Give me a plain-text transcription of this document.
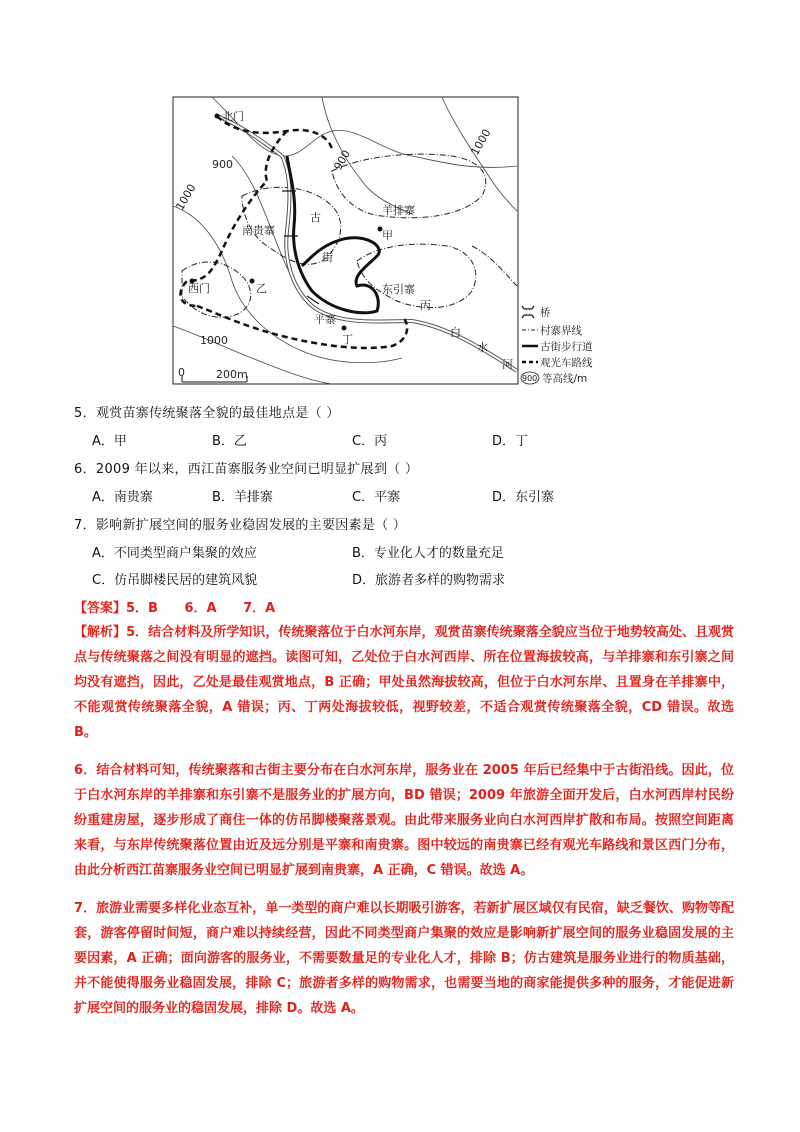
北门
西门
南贵寨
羊排寨
东引寨
平寨
甲
乙
丙
丁
古
街
白
水
河
1000
1000
1000
900	900
0	200m
桥
村寨界线
古街步行道
观光车路线
900 等高线/m
5．观赏苗寨传统聚落全貌的最佳地点是（ ）
A．甲	B．乙	C．丙	D．丁
6．2009 年以来，西江苗寨服务业空间已明显扩展到（ ）
A．南贵寨	B．羊排寨	C．平寨	D．东引寨
7．影响新扩展空间的服务业稳固发展的主要因素是（ ）
A．不同类型商户集聚的效应	B．专业化人才的数量充足
C．仿吊脚楼民居的建筑风貌	D．旅游者多样的购物需求
【答案】5．B 6．A 7．A
【解析】5．结合材料及所学知识，传统聚落位于白水河东岸，观赏苗寨传统聚落全貌应当位于地势较高处、且观赏点与传统聚落之间没有明显的遮挡。读图可知，乙处位于白水河西岸、所在位置海拔较高，与羊排寨和东引寨之间均没有遮挡，因此，乙处是最佳观赏地点，B 正确；甲处虽然海拔较高，但位于白水河东岸、且置身在羊排寨中，不能观赏传统聚落全貌，A 错误；丙、丁两处海拔较低，视野较差，不适合观赏传统聚落全貌，CD 错误。故选 B。
6．结合材料可知，传统聚落和古街主要分布在白水河东岸，服务业在 2005 年后已经集中于古街沿线。因此，位于白水河东岸的羊排寨和东引寨不是服务业的扩展方向，BD 错误；2009 年旅游全面开发后，白水河西岸村民纷纷重建房屋，逐步形成了商住一体的仿吊脚楼聚落景观。由此带来服务业向白水河西岸扩散和布局。按照空间距离来看，与东岸传统聚落位置由近及远分别是平寨和南贵寨。图中较远的南贵寨已经有观光车路线和景区西门分布，由此分析西江苗寨服务业空间已明显扩展到南贵寨，A 正确，C 错误。故选 A。
7．旅游业需要多样化业态互补，单一类型的商户难以长期吸引游客，若新扩展区域仅有民宿，缺乏餐饮、购物等配套，游客停留时间短，商户难以持续经营，因此不同类型商户集聚的效应是影响新扩展空间的服务业稳固发展的主要因素，A 正确；面向游客的服务业，不需要数量足的专业化人才，排除 B；仿古建筑是服务业进行的物质基础，并不能使得服务业稳固发展，排除 C；旅游者多样的购物需求，也需要当地的商家能提供多种的服务，才能促进新扩展空间的服务业的稳固发展，排除 D。故选 A。
